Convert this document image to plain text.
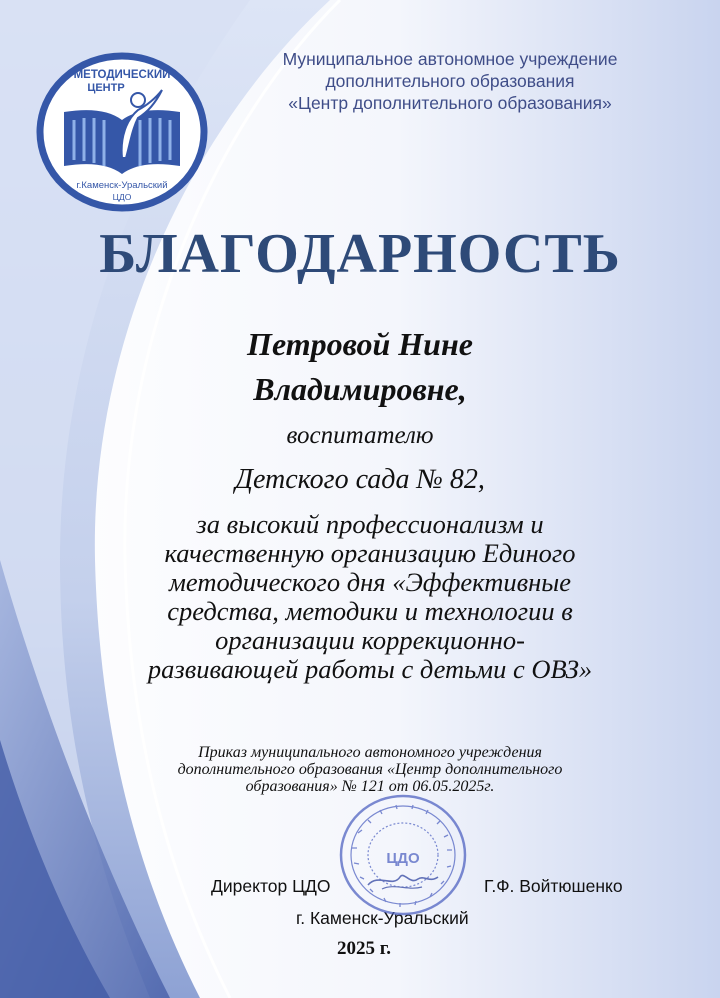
МЕТОДИЧЕСКИЙ
ЦЕНТР
г.Каменск-Уральский
ЦДО
Муниципальное автономное учреждение
дополнительного образования
«Центр дополнительного образования»
БЛАГОДАРНОСТЬ
Петровой Нине
Владимировне,
воспитателю
Детского сада № 82,
за высокий профессионализм и
качественную организацию Единого
методического дня «Эффективные
средства, методики и технологии в
организации коррекционно-
развивающей работы с детьми с ОВЗ»
Приказ муниципального автономного учреждения
дополнительного образования «Центр дополнительного
образования» № 121 от 06.05.2025г.
Директор ЦДО	Г.Ф. Войтюшенко
г. Каменск-Уральский
2025 г.
ЦДО
